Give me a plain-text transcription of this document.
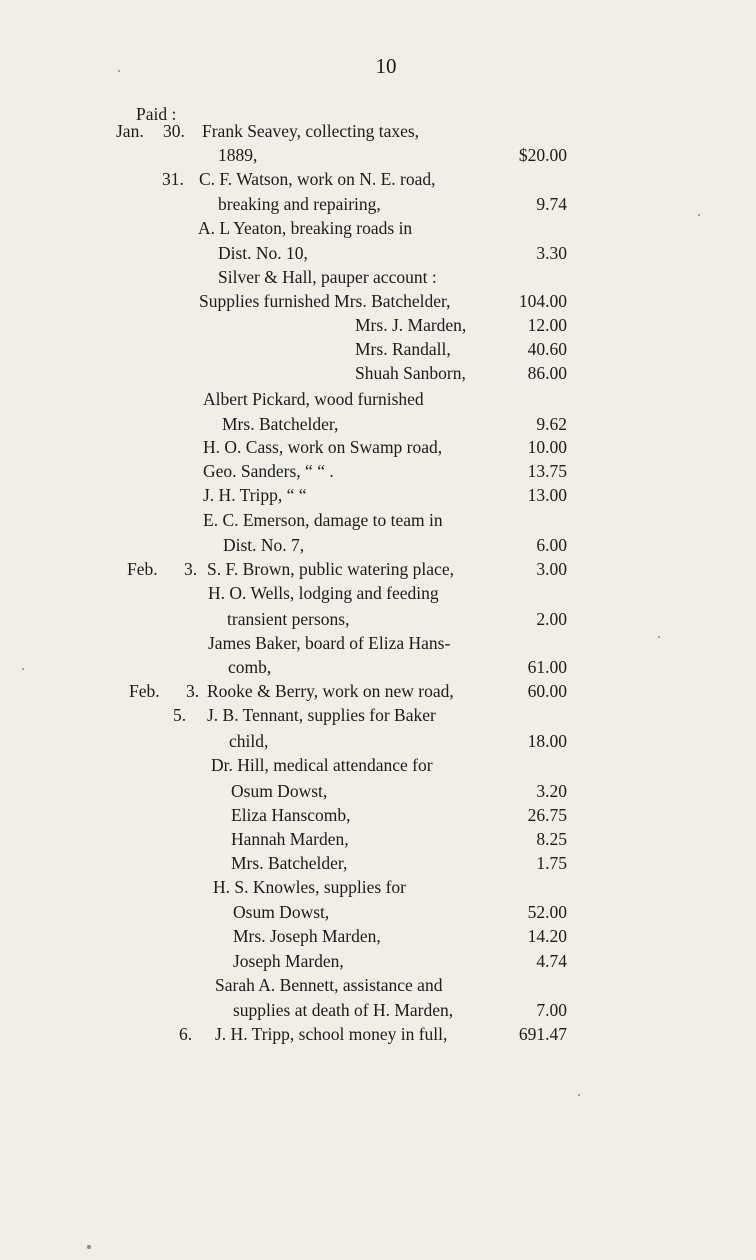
10
Paid :
Jan. 30. Frank Seavey, collecting taxes,
1889,	$20.00
31. C. F. Watson, work on N. E. road,
breaking and repairing,	9.74
A. L Yeaton, breaking roads in
Dist. No. 10,	3.30
Silver & Hall, pauper account :
Supplies furnished Mrs. Batchelder,	104.00
Mrs. J. Marden,	12.00
Mrs. Randall,	40.60
Shuah Sanborn,	86.00
Albert Pickard, wood furnished
Mrs. Batchelder,	9.62
H. O. Cass, work on Swamp road,	10.00
Geo. Sanders, “ “ .	13.75
J. H. Tripp, “ “	13.00
E. C. Emerson, damage to team in
Dist. No. 7,	6.00
Feb. 3. S. F. Brown, public watering place,	3.00
H. O. Wells, lodging and feeding
transient persons,	2.00
James Baker, board of Eliza Hans-
comb,	61.00
Feb. 3. Rooke & Berry, work on new road,	60.00
5. J. B. Tennant, supplies for Baker
child,	18.00
Dr. Hill, medical attendance for
Osum Dowst,	3.20
Eliza Hanscomb,	26.75
Hannah Marden,	8.25
Mrs. Batchelder,	1.75
H. S. Knowles, supplies for
Osum Dowst,	52.00
Mrs. Joseph Marden,	14.20
Joseph Marden,	4.74
Sarah A. Bennett, assistance and
supplies at death of H. Marden,	7.00
6. J. H. Tripp, school money in full,	691.47
